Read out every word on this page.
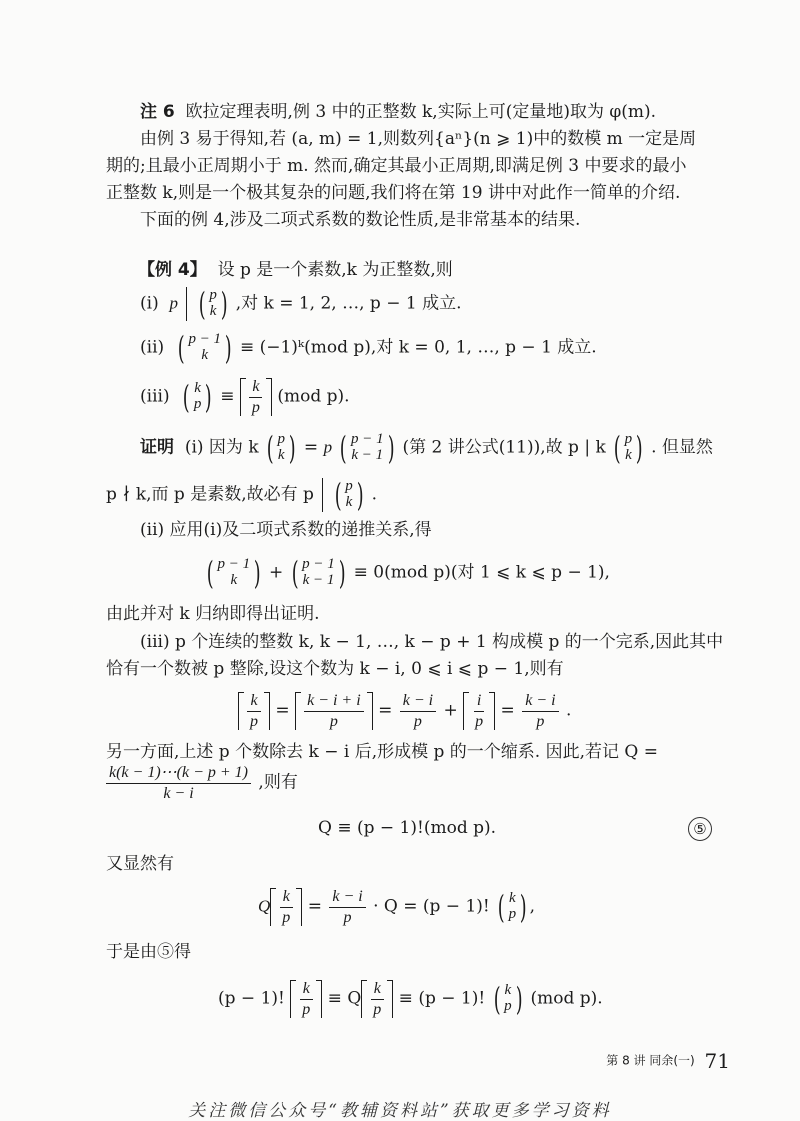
注 6 欧拉定理表明,例 3 中的正整数 k,实际上可(定量地)取为 φ(m).
由例 3 易于得知,若 (a, m) = 1,则数列{aⁿ}(n ⩾ 1)中的数模 m 一定是周
期的;且最小正周期小于 m. 然而,确定其最小正周期,即满足例 3 中要求的最小
正整数 k,则是一个极其复杂的问题,我们将在第 19 讲中对此作一简单的介绍.
下面的例 4,涉及二项式系数的数论性质,是非常基本的结果.
【例 4】 设 p 是一个素数,k 为正整数,则
(i) p ( p
k ) ,对 k = 1, 2, …, p − 1 成立.
(ii) ( p − 1
k ) ≡ (−1)ᵏ(mod p),对 k = 0, 1, …, p − 1 成立.
(iii) ( k
p ) ≡ $\frac{k}{p} (mod$ p).
证明 (i) 因为 k ( p
k ) = p ( p − 1
k − 1 ) (第 2 讲公式(11)),故 p | k ( p
k ) . 但显然
p ∤ k,而 p 是素数,故必有 p ( p
k ) .
(ii) 应用(i)及二项式系数的递推关系,得
( p − 1
k ) + ( p − 1
k − 1 ) ≡ 0(mod p)(对 1 ⩽ k ⩽ p − 1),
由此并对 k 归纳即得出证明.
(iii) p 个连续的整数 k, k − 1, …, k − p + 1 构成模 p 的一个完系,因此其中
恰有一个数被 p 整除,设这个数为 k − i, 0 ⩽ i ⩽ p − 1,则有
$\frac{k}{p} = \frac{k - i + i}{p} = \frac{k - i}{p} + \frac{i}{p} = \frac{k - i}{p}$ .
另一方面,上述 p 个数除去 k − i 后,形成模 p 的一个缩系. 因此,若记 Q =
$\frac{k(k - 1)\cdots(k - p + 1)}{k - i}$ ,则有
Q ≡ (p − 1)!(mod p).	⑤
又显然有
Q $\frac{k}{p} = \frac{k - i}{p} \cdot Q = (p - 1)$! ( k
p ) ,
于是由⑤得
(p − 1)! $\frac{k}{p} \equiv Q \frac{k}{p} \equiv (p - 1)$! ( k
p ) (mod p).
第 8 讲 同余(一) 71
关注微信公众号“教辅资料站”获取更多学习资料
